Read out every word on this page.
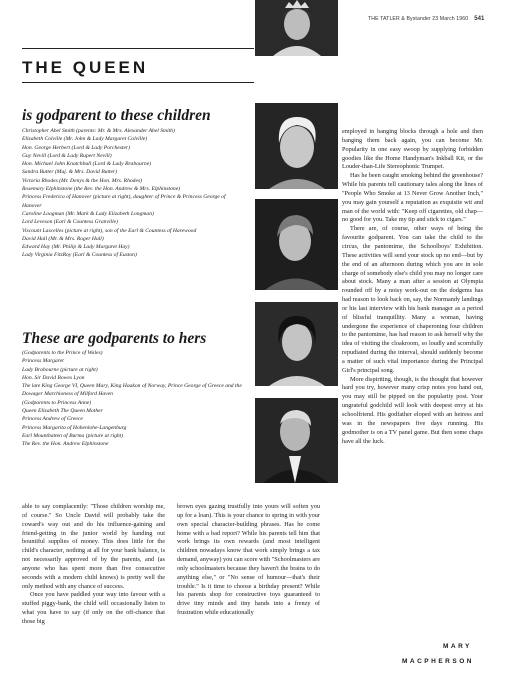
THE TATLER & Bystander 23 March 1960 541
THE QUEEN
is godparent to these children
Christopher Abel Smith (parents: Mr. & Mrs. Alexander Abel Smith)
Elizabeth Colville (Mr. John & Lady Margaret Colville)
Hon. George Herbert (Lord & Lady Porchester)
Guy Nevill (Lord & Lady Rupert Nevill)
Hon. Michael John Knatchbull (Lord & Lady Brabourne)
Sandra Butter (Maj. & Mrs. David Butter)
Victoria Rhodes (Mr. Denys & the Hon. Mrs. Rhodes)
Rosemary Elphinstone (the Rev. the Hon. Andrew & Mrs. Elphinstone)
Princess Frederica of Hanover (picture at right), daughter of Prince & Princess George of Hanover
Caroline Loogman (Mr. Mark & Lady Elizabeth Longman)
Lord Leveson (Earl & Countess Granville)
Viscount Lascelles (picture at right), son of the Earl & Countess of Harewood
David Hall (Mr. & Mrs. Roger Hall)
Edward Hay (Mr. Philip & Lady Margaret Hay)
Lady Virginia FitzRoy (Earl & Countess of Euston)
These are godparents to hers
(Godparents to the Prince of Wales)
Princess Margaret
Lady Brabourne (picture at right)
Hon. Sir David Bowes Lyon
The late King George VI, Queen Mary, King Haakon of Norway, Prince George of Greece and the Dowager Marchioness of Milford Haven
(Godparents to Princess Anne)
Queen Elizabeth The Queen Mother
Princess Andrew of Greece
Princess Margarita of Hohenlohe-Langenburg
Earl Mountbatten of Burma (picture at right)
The Rev. the Hon. Andrew Elphinstone

able to say complacently: "Those children worship me, of course." So Uncle David will probably take the coward's way out and do his influence-gaining and friend-getting in the junior world by handing out bountiful supplies of money. This does little for the child's character, nothing at all for your bank balance, is not necessarily approved of by the parents, and (as anyone who has spent more than five consecutive seconds with a modern child knows) is pretty well the only method with any chance of success.

Once you have paddled your way into favour with a stuffed piggy-bank, the child will occasionally listen to what you have to say (if only on the off-chance that those big

brown eyes gazing trustfully into yours will soften you up for a loan). This is your chance to spring in with your own special character-building phrases. Has he come home with a bad report? While his parents tell him that work brings its own rewards (and most intelligent children nowadays know that work simply brings a tax demand, anyway) you can score with "Schoolmasters are only schoolmasters because they haven't the brains to do anything else," or "No sense of humour—that's their trouble." Is it time to choose a birthday present? While his parents shop for constructive toys guaranteed to drive tiny minds and tiny hands into a frenzy of frustration while educationally

employed in banging blocks through a hole and then banging them back again, you can become Mr. Popularity in one easy swoop by supplying forbidden goodies like the Home Handyman's Inkball Kit, or the Louder-than-Life Stereophonic Trumpet.

Has he been caught smoking behind the greenhouse? While his parents tell cautionary tales along the lines of "People Who Smoke at 13 Never Grow Another Inch," you may gain yourself a reputation as exquisite wit and man of the world with: "Keep off cigarettes, old chap—no good for you. Take my tip and stick to cigars."

There are, of course, other ways of being the favourite godparent. You can take the child to the circus, the pantomime, the Schoolboys' Exhibition. These activities will send your stock up no end—but by the end of an afternoon during which you are in sole charge of somebody else's child you may no longer care about stock. Many a man after a session at Olympia rounded off by a noisy work-out on the dodgems has had reason to look back on, say, the Normandy landings or his last interview with his bank manager as a period of blissful tranquillity. Many a woman, having undergone the experience of chaperoning four children to the pantomime, has had reason to ask herself why the idea of visiting the cloakroom, so loudly and scornfully repudiated during the interval, should suddenly become a matter of such vital importance during the Principal Girl's principal song.

More dispiriting, though, is the thought that however hard you try, however many crisp notes you hand out, you may still be pipped on the popularity post. Your ungrateful godchild will look with deepest envy at his schoolfriend. His godfather eloped with an heiress and was in the newspapers five days running. His godmother is on a TV panel game. But then some chaps have all the luck.

MARY
MACPHERSON
